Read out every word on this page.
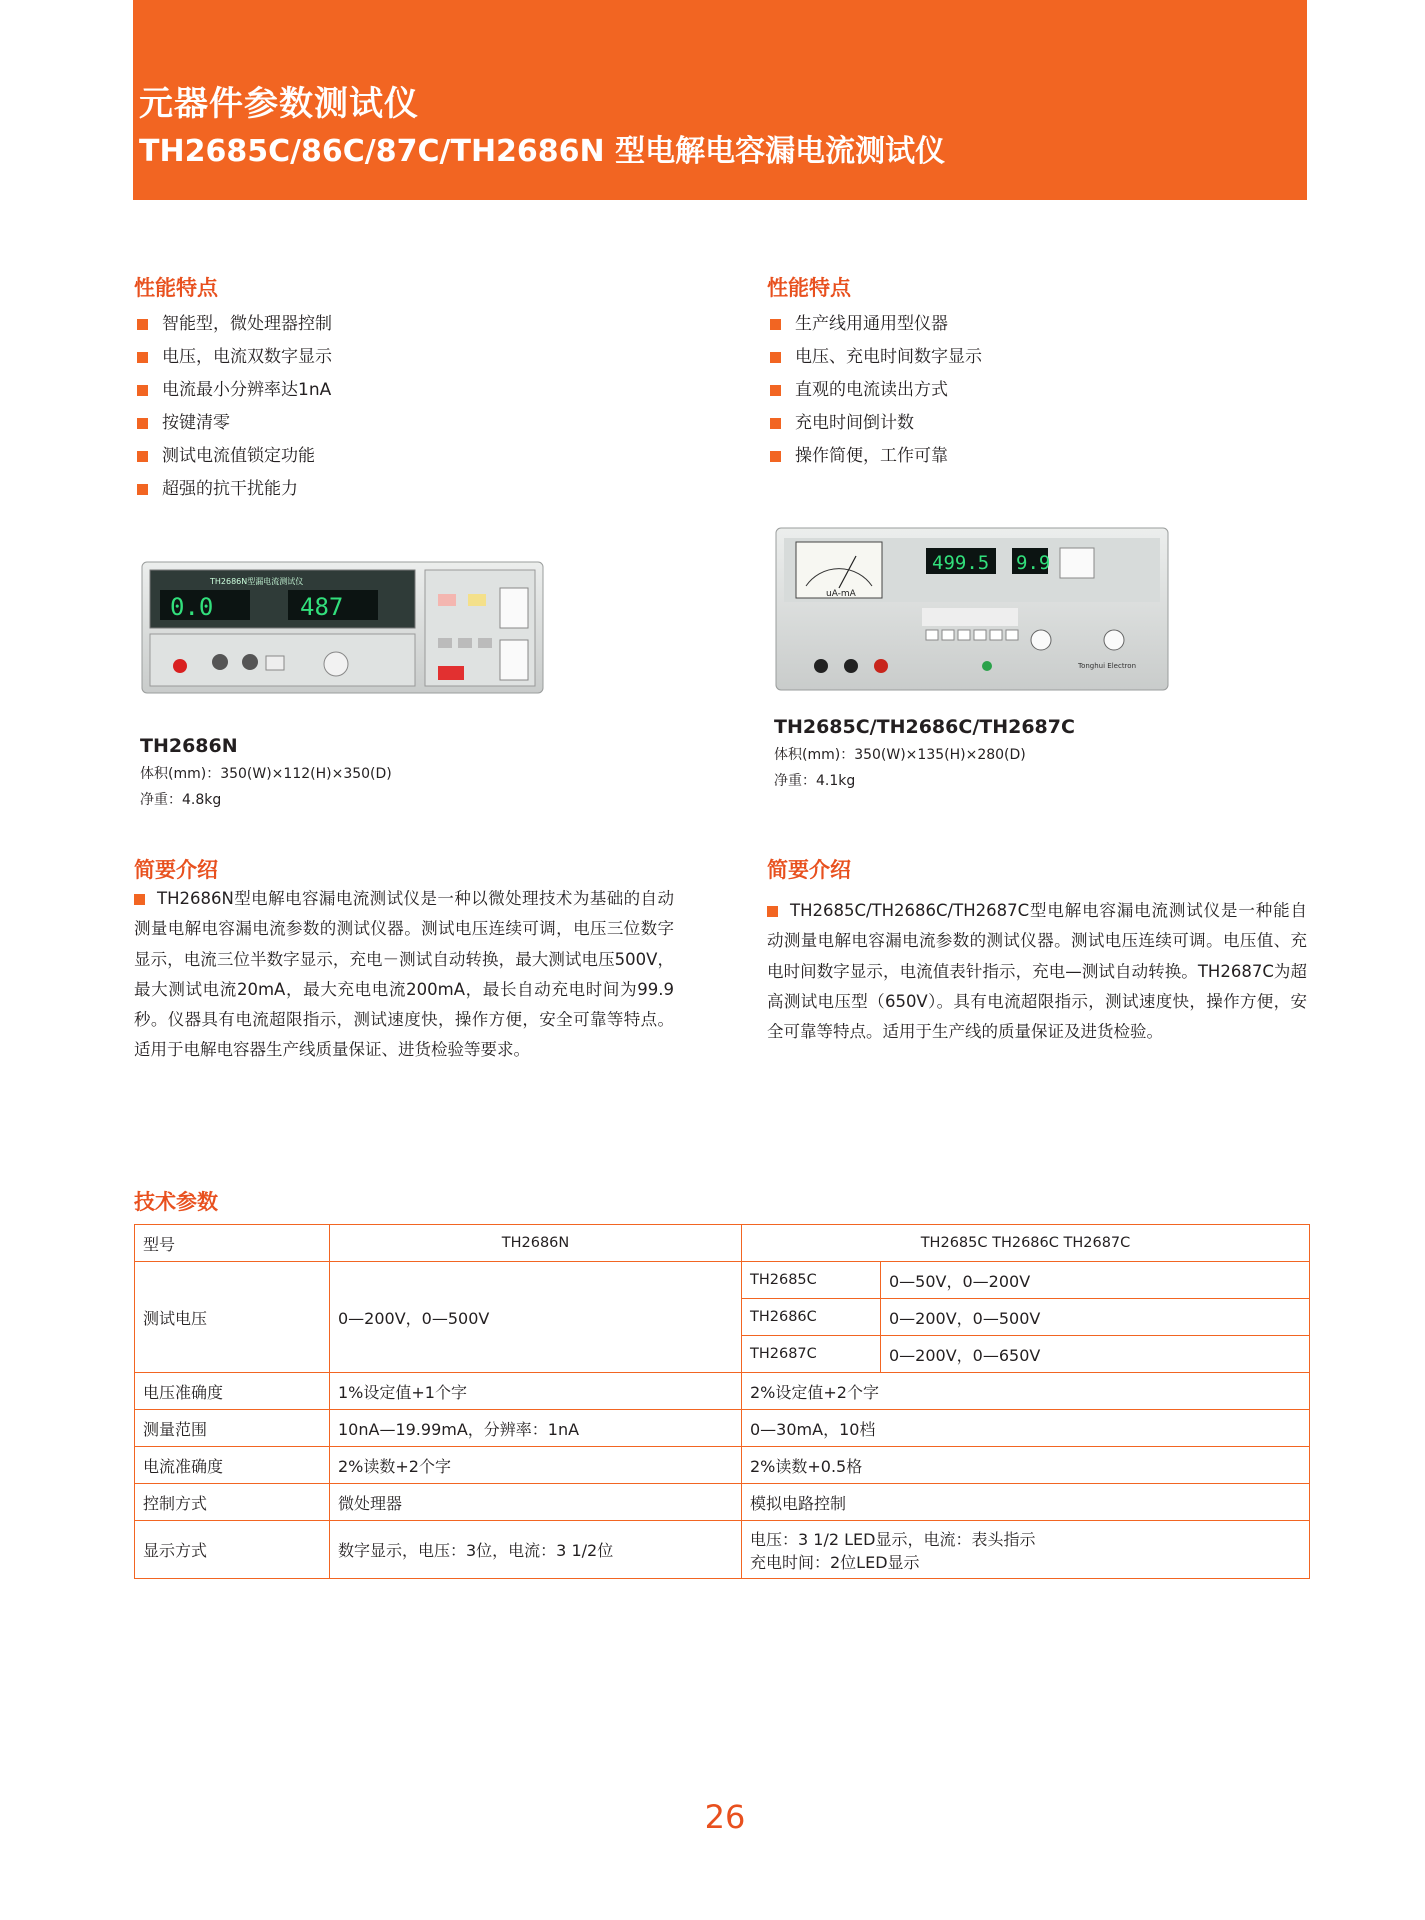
元器件参数测试仪
TH2685C/86C/87C/TH2686N 型电解电容漏电流测试仪
性能特点
智能型，微处理器控制
电压，电流双数字显示
电流最小分辨率达1nA
按键清零
测试电流值锁定功能
超强的抗干扰能力
性能特点
生产线用通用型仪器
电压、充电时间数字显示
直观的电流读出方式
充电时间倒计数
操作简便，工作可靠
TH2686N型漏电流测试仪
0.0	487	uA-mA
499.5 9.9
Tonghui Electron
TH2686N
体积(mm)：350(W)×112(H)×350(D)
净重：4.8kg
TH2685C/TH2686C/TH2687C
体积(mm)：350(W)×135(H)×280(D)
净重：4.1kg
简要介绍
TH2686N型电解电容漏电流测试仪是一种以微处理技术为基础的自动测量电解电容漏电流参数的测试仪器。测试电压连续可调，电压三位数字显示，电流三位半数字显示，充电－测试自动转换，最大测试电压500V，最大测试电流20mA，最大充电电流200mA，最长自动充电时间为99.9秒。仪器具有电流超限指示，测试速度快，操作方便，安全可靠等特点。适用于电解电容器生产线质量保证、进货检验等要求。
简要介绍
TH2685C/TH2686C/TH2687C型电解电容漏电流测试仪是一种能自动测量电解电容漏电流参数的测试仪器。测试电压连续可调。电压值、充电时间数字显示，电流值表针指示，充电—测试自动转换。TH2687C为超高测试电压型（650V）。具有电流超限指示，测试速度快，操作方便，安全可靠等特点。适用于生产线的质量保证及进货检验。
技术参数
型号	TH2686N	TH2685C TH2686C TH2687C	
测试电压	0—200V，0—500V	TH2685C	0—50V，0—200V
		TH2686C	0—200V，0—500V
		TH2687C	0—200V，0—650V
电压准确度	1%设定值+1个字	2%设定值+2个字	
测量范围	10nA—19.99mA，分辨率：1nA	0—30mA，10档	
电流准确度	2%读数+2个字	2%读数+0.5格	
控制方式	微处理器	模拟电路控制	
显示方式	数字显示，电压：3位，电流：3 1/2位	电压：3 1/2 LED显示，电流：表头指示
充电时间：2位LED显示	
26
